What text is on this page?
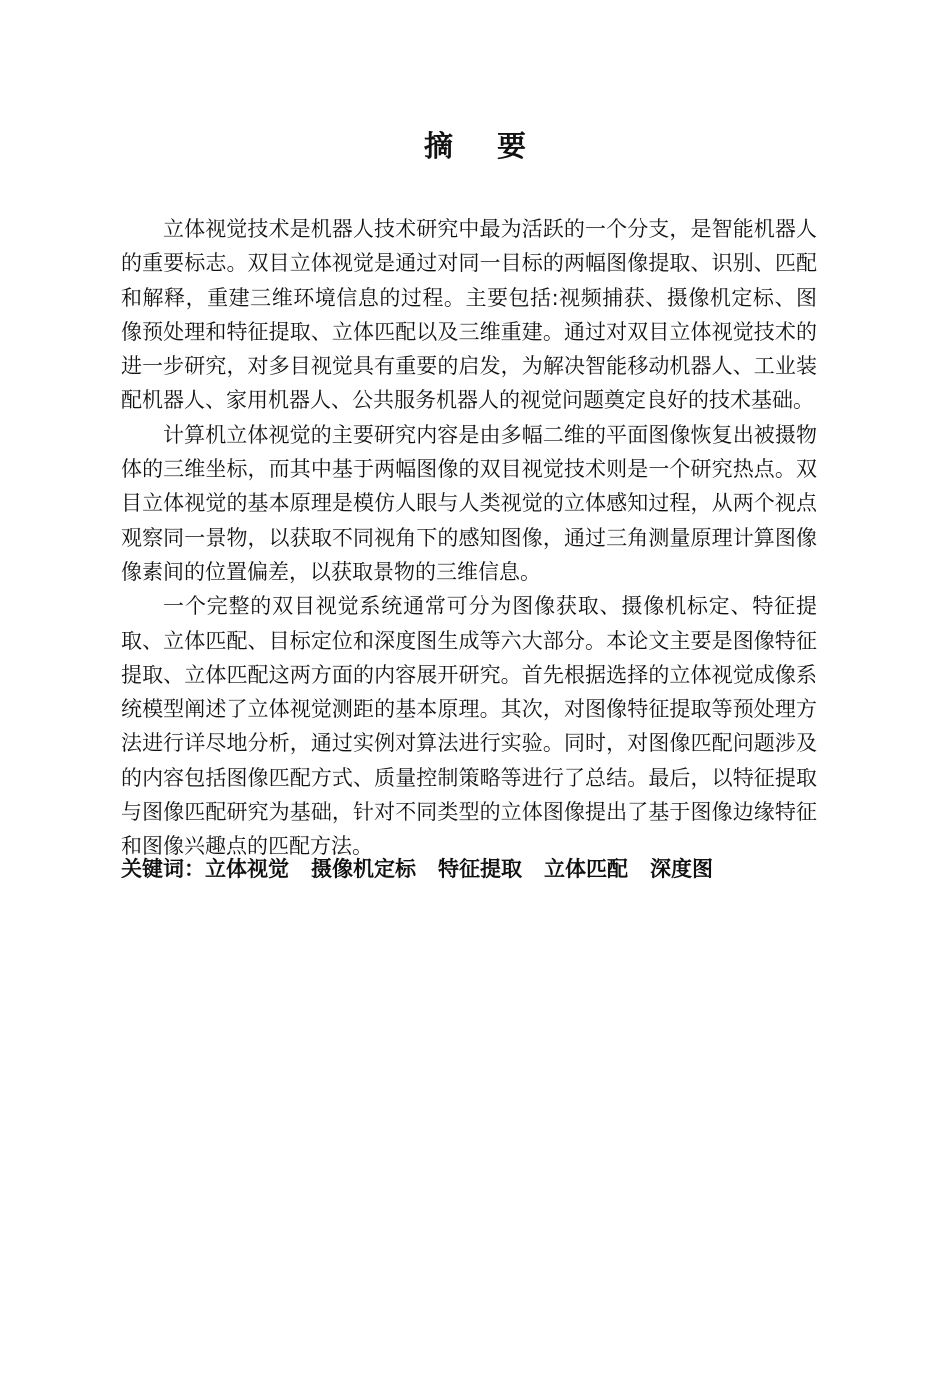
摘 要

立体视觉技术是机器人技术研究中最为活跃的一个分支，是智能机器人的重要标志。双目立体视觉是通过对同一目标的两幅图像提取、识别、匹配和解释，重建三维环境信息的过程。主要包括:视频捕获、摄像机定标、图像预处理和特征提取、立体匹配以及三维重建。通过对双目立体视觉技术的进一步研究，对多目视觉具有重要的启发，为解决智能移动机器人、工业装配机器人、家用机器人、公共服务机器人的视觉问题奠定良好的技术基础。

计算机立体视觉的主要研究内容是由多幅二维的平面图像恢复出被摄物体的三维坐标，而其中基于两幅图像的双目视觉技术则是一个研究热点。双目立体视觉的基本原理是模仿人眼与人类视觉的立体感知过程，从两个视点观察同一景物，以获取不同视角下的感知图像，通过三角测量原理计算图像像素间的位置偏差，以获取景物的三维信息。

一个完整的双目视觉系统通常可分为图像获取、摄像机标定、特征提取、立体匹配、目标定位和深度图生成等六大部分。本论文主要是图像特征提取、立体匹配这两方面的内容展开研究。首先根据选择的立体视觉成像系统模型阐述了立体视觉测距的基本原理。其次，对图像特征提取等预处理方法进行详尽地分析，通过实例对算法进行实验。同时，对图像匹配问题涉及的内容包括图像匹配方式、质量控制策略等进行了总结。最后，以特征提取与图像匹配研究为基础，针对不同类型的立体图像提出了基于图像边缘特征和图像兴趣点的匹配方法。

关键词：立体视觉 摄像机定标 特征提取 立体匹配 深度图
